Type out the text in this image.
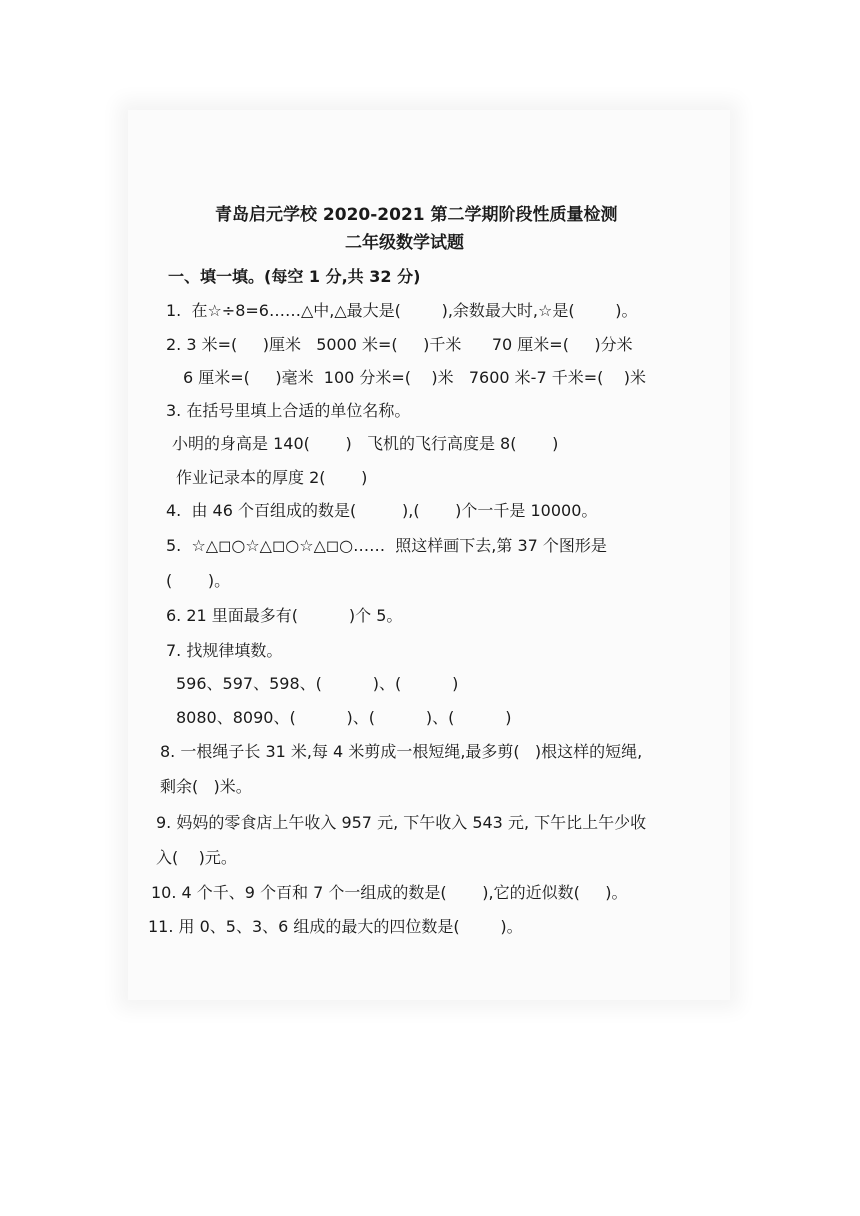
青岛启元学校 2020-2021 第二学期阶段性质量检测
二年级数学试题
一、填一填。(每空 1 分,共 32 分)
1.  在☆÷8=6……△中,△最大是(        ),余数最大时,☆是(        )。
2. 3 米=(     )厘米   5000 米=(     )千米      70 厘米=(     )分米
6 厘米=(     )毫米  100 分米=(    )米   7600 米-7 千米=(    )米
3. 在括号里填上合适的单位名称。
小明的身高是 140(       )   飞机的飞行高度是 8(       )
作业记录本的厚度 2(       )
4.  由 46 个百组成的数是(         ),(       )个一千是 10000。
5.  ☆△◻○☆△◻○☆△◻○……  照这样画下去,第 37 个图形是
(       )。
6. 21 里面最多有(          )个 5。
7. 找规律填数。
596、597、598、(          )、(          )
8080、8090、(          )、(          )、(          )
8. 一根绳子长 31 米,每 4 米剪成一根短绳,最多剪(   )根这样的短绳,
剩余(   )米。
9. 妈妈的零食店上午收入 957 元, 下午收入 543 元, 下午比上午少收
入(    )元。
10. 4 个千、9 个百和 7 个一组成的数是(       ),它的近似数(     )。
11. 用 0、5、3、6 组成的最大的四位数是(        )。
